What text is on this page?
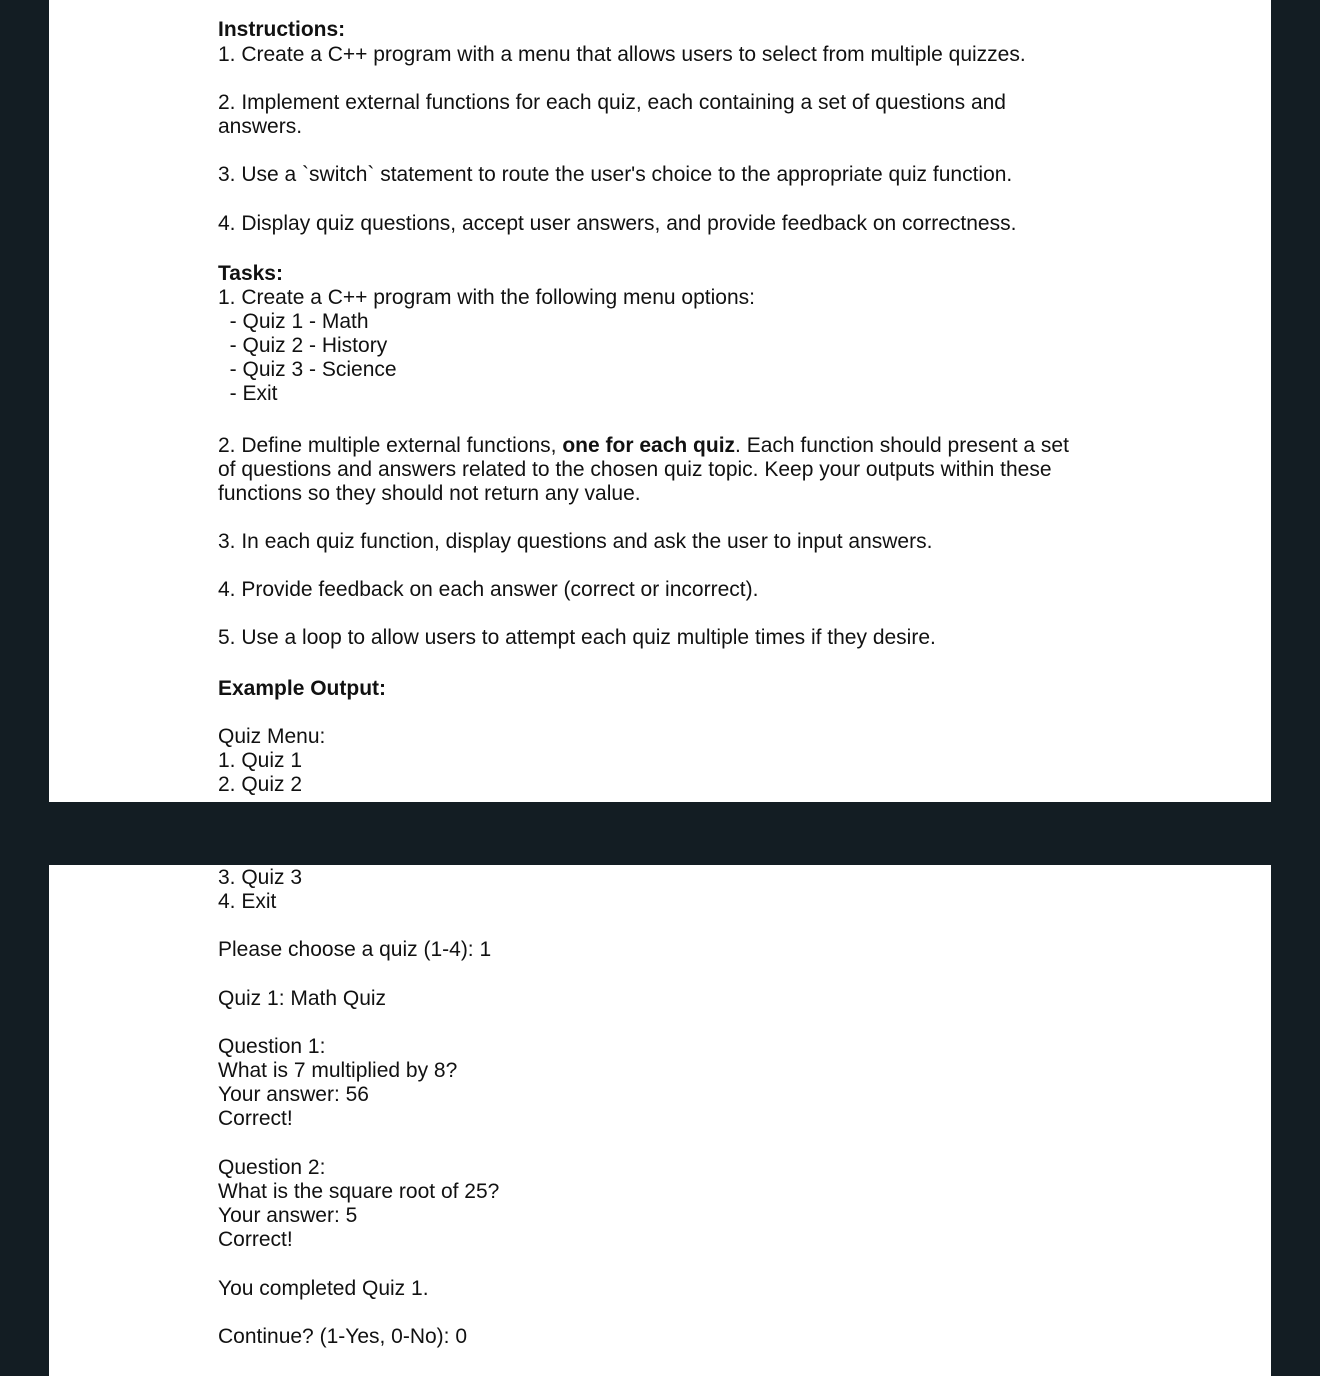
Instructions:
1. Create a C++ program with a menu that allows users to select from multiple quizzes.
2. Implement external functions for each quiz, each containing a set of questions and
answers.
3. Use a `switch` statement to route the user's choice to the appropriate quiz function.
4. Display quiz questions, accept user answers, and provide feedback on correctness.
Tasks:
1. Create a C++ program with the following menu options:
- Quiz 1 - Math
- Quiz 2 - History
- Quiz 3 - Science
- Exit
2. Define multiple external functions, one for each quiz. Each function should present a set
of questions and answers related to the chosen quiz topic. Keep your outputs within these
functions so they should not return any value.
3. In each quiz function, display questions and ask the user to input answers.
4. Provide feedback on each answer (correct or incorrect).
5. Use a loop to allow users to attempt each quiz multiple times if they desire.
Example Output:
Quiz Menu:
1. Quiz 1
2. Quiz 2
3. Quiz 3
4. Exit
Please choose a quiz (1-4): 1
Quiz 1: Math Quiz
Question 1:
What is 7 multiplied by 8?
Your answer: 56
Correct!
Question 2:
What is the square root of 25?
Your answer: 5
Correct!
You completed Quiz 1.
Continue? (1-Yes, 0-No): 0
